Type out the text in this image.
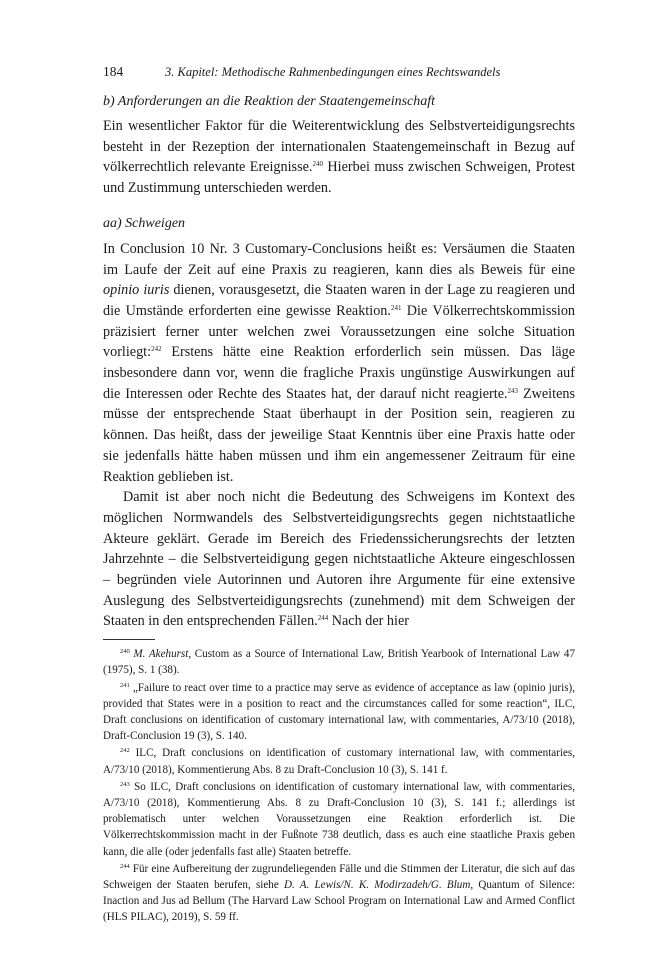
184	3. Kapitel: Methodische Rahmenbedingungen eines Rechtswandels

b) Anforderungen an die Reaktion der Staatengemeinschaft

Ein wesentlicher Faktor für die Weiterentwicklung des Selbstverteidigungsrechts besteht in der Rezeption der internationalen Staatengemeinschaft in Bezug auf völkerrechtlich relevante Ereignisse.$^{240}$ Hierbei muss zwischen Schweigen, Protest und Zustimmung unterschieden werden.

aa) Schweigen

In Conclusion 10 Nr. 3 Customary-Conclusions heißt es: Versäumen die Staaten im Laufe der Zeit auf eine Praxis zu reagieren, kann dies als Beweis für eine opinio iuris dienen, vorausgesetzt, die Staaten waren in der Lage zu reagieren und die Umstände erforderten eine gewisse Reaktion.$^{241}$ Die Völkerrechtskommission präzisiert ferner unter welchen zwei Voraussetzungen eine solche Situation vorliegt:$^{242}$ Erstens hätte eine Reaktion erforderlich sein müssen. Das läge insbesondere dann vor, wenn die fragliche Praxis ungünstige Auswirkungen auf die Interessen oder Rechte des Staates hat, der darauf nicht reagierte.$^{243}$ Zweitens müsse der entsprechende Staat überhaupt in der Position sein, reagieren zu können. Das heißt, dass der jeweilige Staat Kenntnis über eine Praxis hatte oder sie jedenfalls hätte haben müssen und ihm ein angemessener Zeitraum für eine Reaktion geblieben ist.

Damit ist aber noch nicht die Bedeutung des Schweigens im Kontext des möglichen Normwandels des Selbstverteidigungsrechts gegen nichtstaatliche Akteure geklärt. Gerade im Bereich des Friedenssicherungsrechts der letzten Jahrzehnte – die Selbstverteidigung gegen nichtstaatliche Akteure eingeschlossen – begründen viele Autorinnen und Autoren ihre Argumente für eine extensive Auslegung des Selbstverteidigungsrechts (zunehmend) mit dem Schweigen der Staaten in den entsprechenden Fällen.$^{244}$ Nach der hier

$^{240}$ M. Akehurst, Custom as a Source of International Law, British Yearbook of International Law 47 (1975), S. 1 (38).

$^{241}$ „Failure to react over time to a practice may serve as evidence of acceptance as law (opinio juris), provided that States were in a position to react and the circumstances called for some reaction“, ILC, Draft conclusions on identification of customary international law, with commentaries, A/73/10 (2018), Draft-Conclusion 19 (3), S. 140.

$^{242}$ ILC, Draft conclusions on identification of customary international law, with commentaries, A/73/10 (2018), Kommentierung Abs. 8 zu Draft-Conclusion 10 (3), S. 141 f.

$^{243}$ So ILC, Draft conclusions on identification of customary international law, with commentaries, A/73/10 (2018), Kommentierung Abs. 8 zu Draft-Conclusion 10 (3), S. 141 f.; allerdings ist problematisch unter welchen Voraussetzungen eine Reaktion erforderlich ist. Die Völkerrechtskommission macht in der Fußnote 738 deutlich, dass es auch eine staatliche Praxis geben kann, die alle (oder jedenfalls fast alle) Staaten betreffe.

$^{244}$ Für eine Aufbereitung der zugrundeliegenden Fälle und die Stimmen der Literatur, die sich auf das Schweigen der Staaten berufen, siehe D. A. Lewis/N. K. Modirzadeh/G. Blum, Quantum of Silence: Inaction and Jus ad Bellum (The Harvard Law School Program on International Law and Armed Conflict (HLS PILAC), 2019), S. 59 ff.
